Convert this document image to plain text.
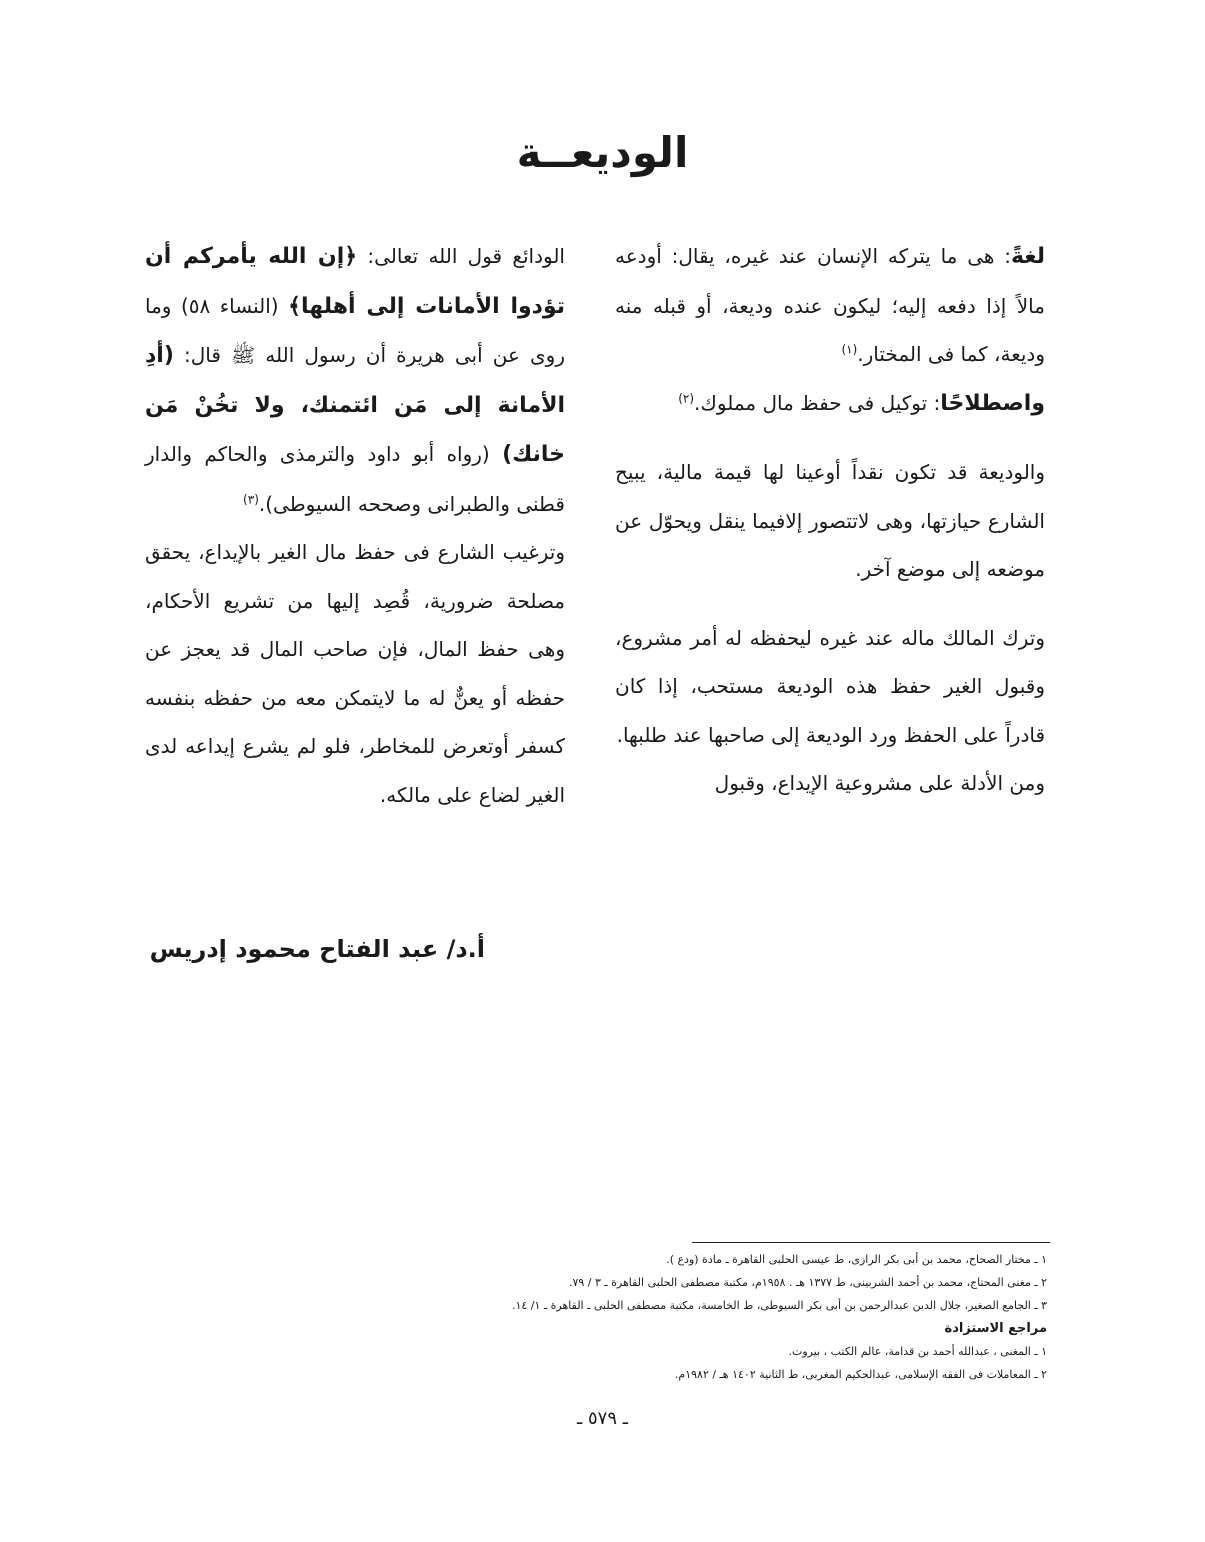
الوديعــة

لغةً: هى ما يتركه الإنسان عند غيره، يقال: أودعه مالاً إذا دفعه إليه؛ ليكون عنده وديعة، أو قبله منه وديعة، كما فى المختار.$^{(١)}$

واصطلاحًا: توكيل فى حفظ مال مملوك.$^{(٢)}$

والوديعة قد تكون نقداً أوعينا لها قيمة مالية، يبيح الشارع حيازتها، وهى لاتتصور إلافيما ينقل ويحوّل عن موضعه إلى موضع آخر.

وترك المالك ماله عند غيره ليحفظه له أمر مشروع، وقبول الغير حفظ هذه الوديعة مستحب، إذا كان قادراً على الحفظ ورد الوديعة إلى صاحبها عند طلبها.

ومن الأدلة على مشروعية الإيداع، وقبول

الودائع قول الله تعالى: ﴿إن الله يأمركم أن تؤدوا الأمانات إلى أهلها﴾ (النساء ٥٨) وما روى عن أبى هريرة أن رسول الله ﷺ قال: (أدِ الأمانة إلى مَن ائتمنك، ولا تخُنْ مَن خانك) (رواه أبو داود والترمذى والحاكم والدار قطنى والطبرانى وصححه السيوطى).$^{(٣)}$

وترغيب الشارع فى حفظ مال الغير بالإيداع، يحقق مصلحة ضرورية، قُصِد إليها من تشريع الأحكام، وهى حفظ المال، فإن صاحب المال قد يعجز عن حفظه أو يعنٌّ له ما لايتمكن معه من حفظه بنفسه كسفر أوتعرض للمخاطر، فلو لم يشرع إيداعه لدى الغير لضاع على مالكه.

أ.د/ عبد الفتاح محمود إدريس

١ ـ مختار الصحاح، محمد بن أبى بكر الرازى، ط عيسى الحلبى القاهرة ـ مادة (ودع ).
٢ ـ مغنى المحتاج، محمد بن أحمد الشربينى، ط ١٣٧٧ هـ . ١٩٥٨م، مكتبة مصطفى الحلبى القاهرة ـ ٣ / ٧٩.
٣ ـ الجامع الصغير، جلال الدين عبدالرحمن بن أبى بكر السيوطى، ط الخامسة، مكتبة مصطفى الحلبى ـ القاهرة ـ ١/ ١٤.
مراجع الاستزادة
١ ـ المغنى ، عبدالله أحمد بن قدامة، عالم الكتب ، بيروت.
٢ ـ المعاملات فى الفقه الإسلامى، عبدالحكيم المغربى، ط الثانية ١٤٠٢ هـ / ١٩٨٢م.

ـ ٥٧٩ ـ
